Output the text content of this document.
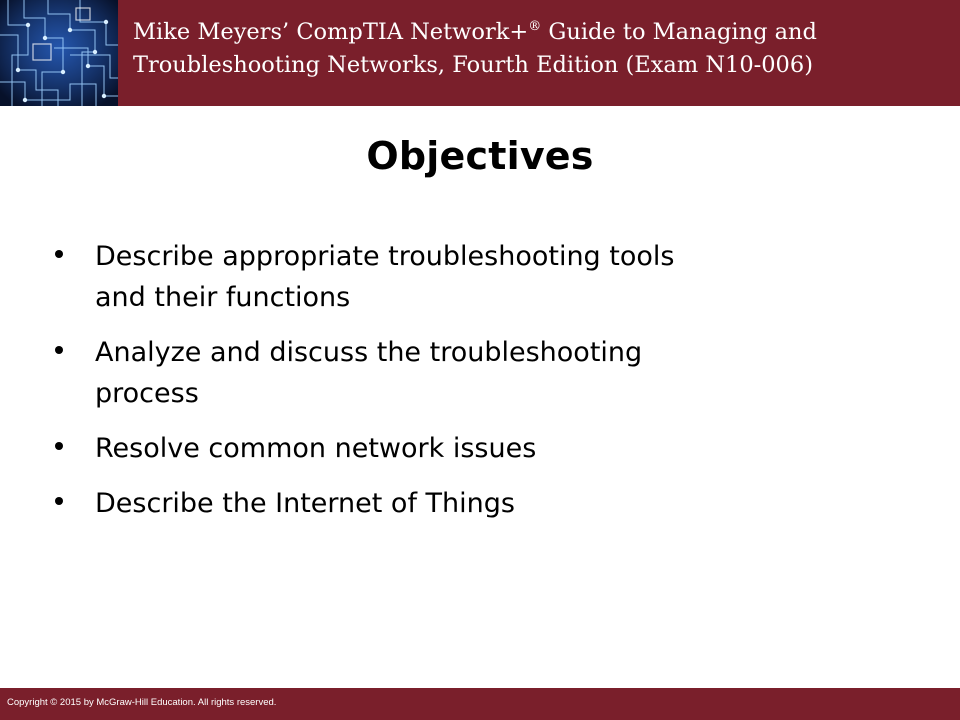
Mike Meyers’ CompTIA Network+® Guide to Managing and
Troubleshooting Networks, Fourth Edition (Exam N10-006)
Objectives
Describe appropriate troubleshooting tools
and their functions
Analyze and discuss the troubleshooting
process
Resolve common network issues
Describe the Internet of Things
Copyright © 2015 by McGraw-Hill Education. All rights reserved.
